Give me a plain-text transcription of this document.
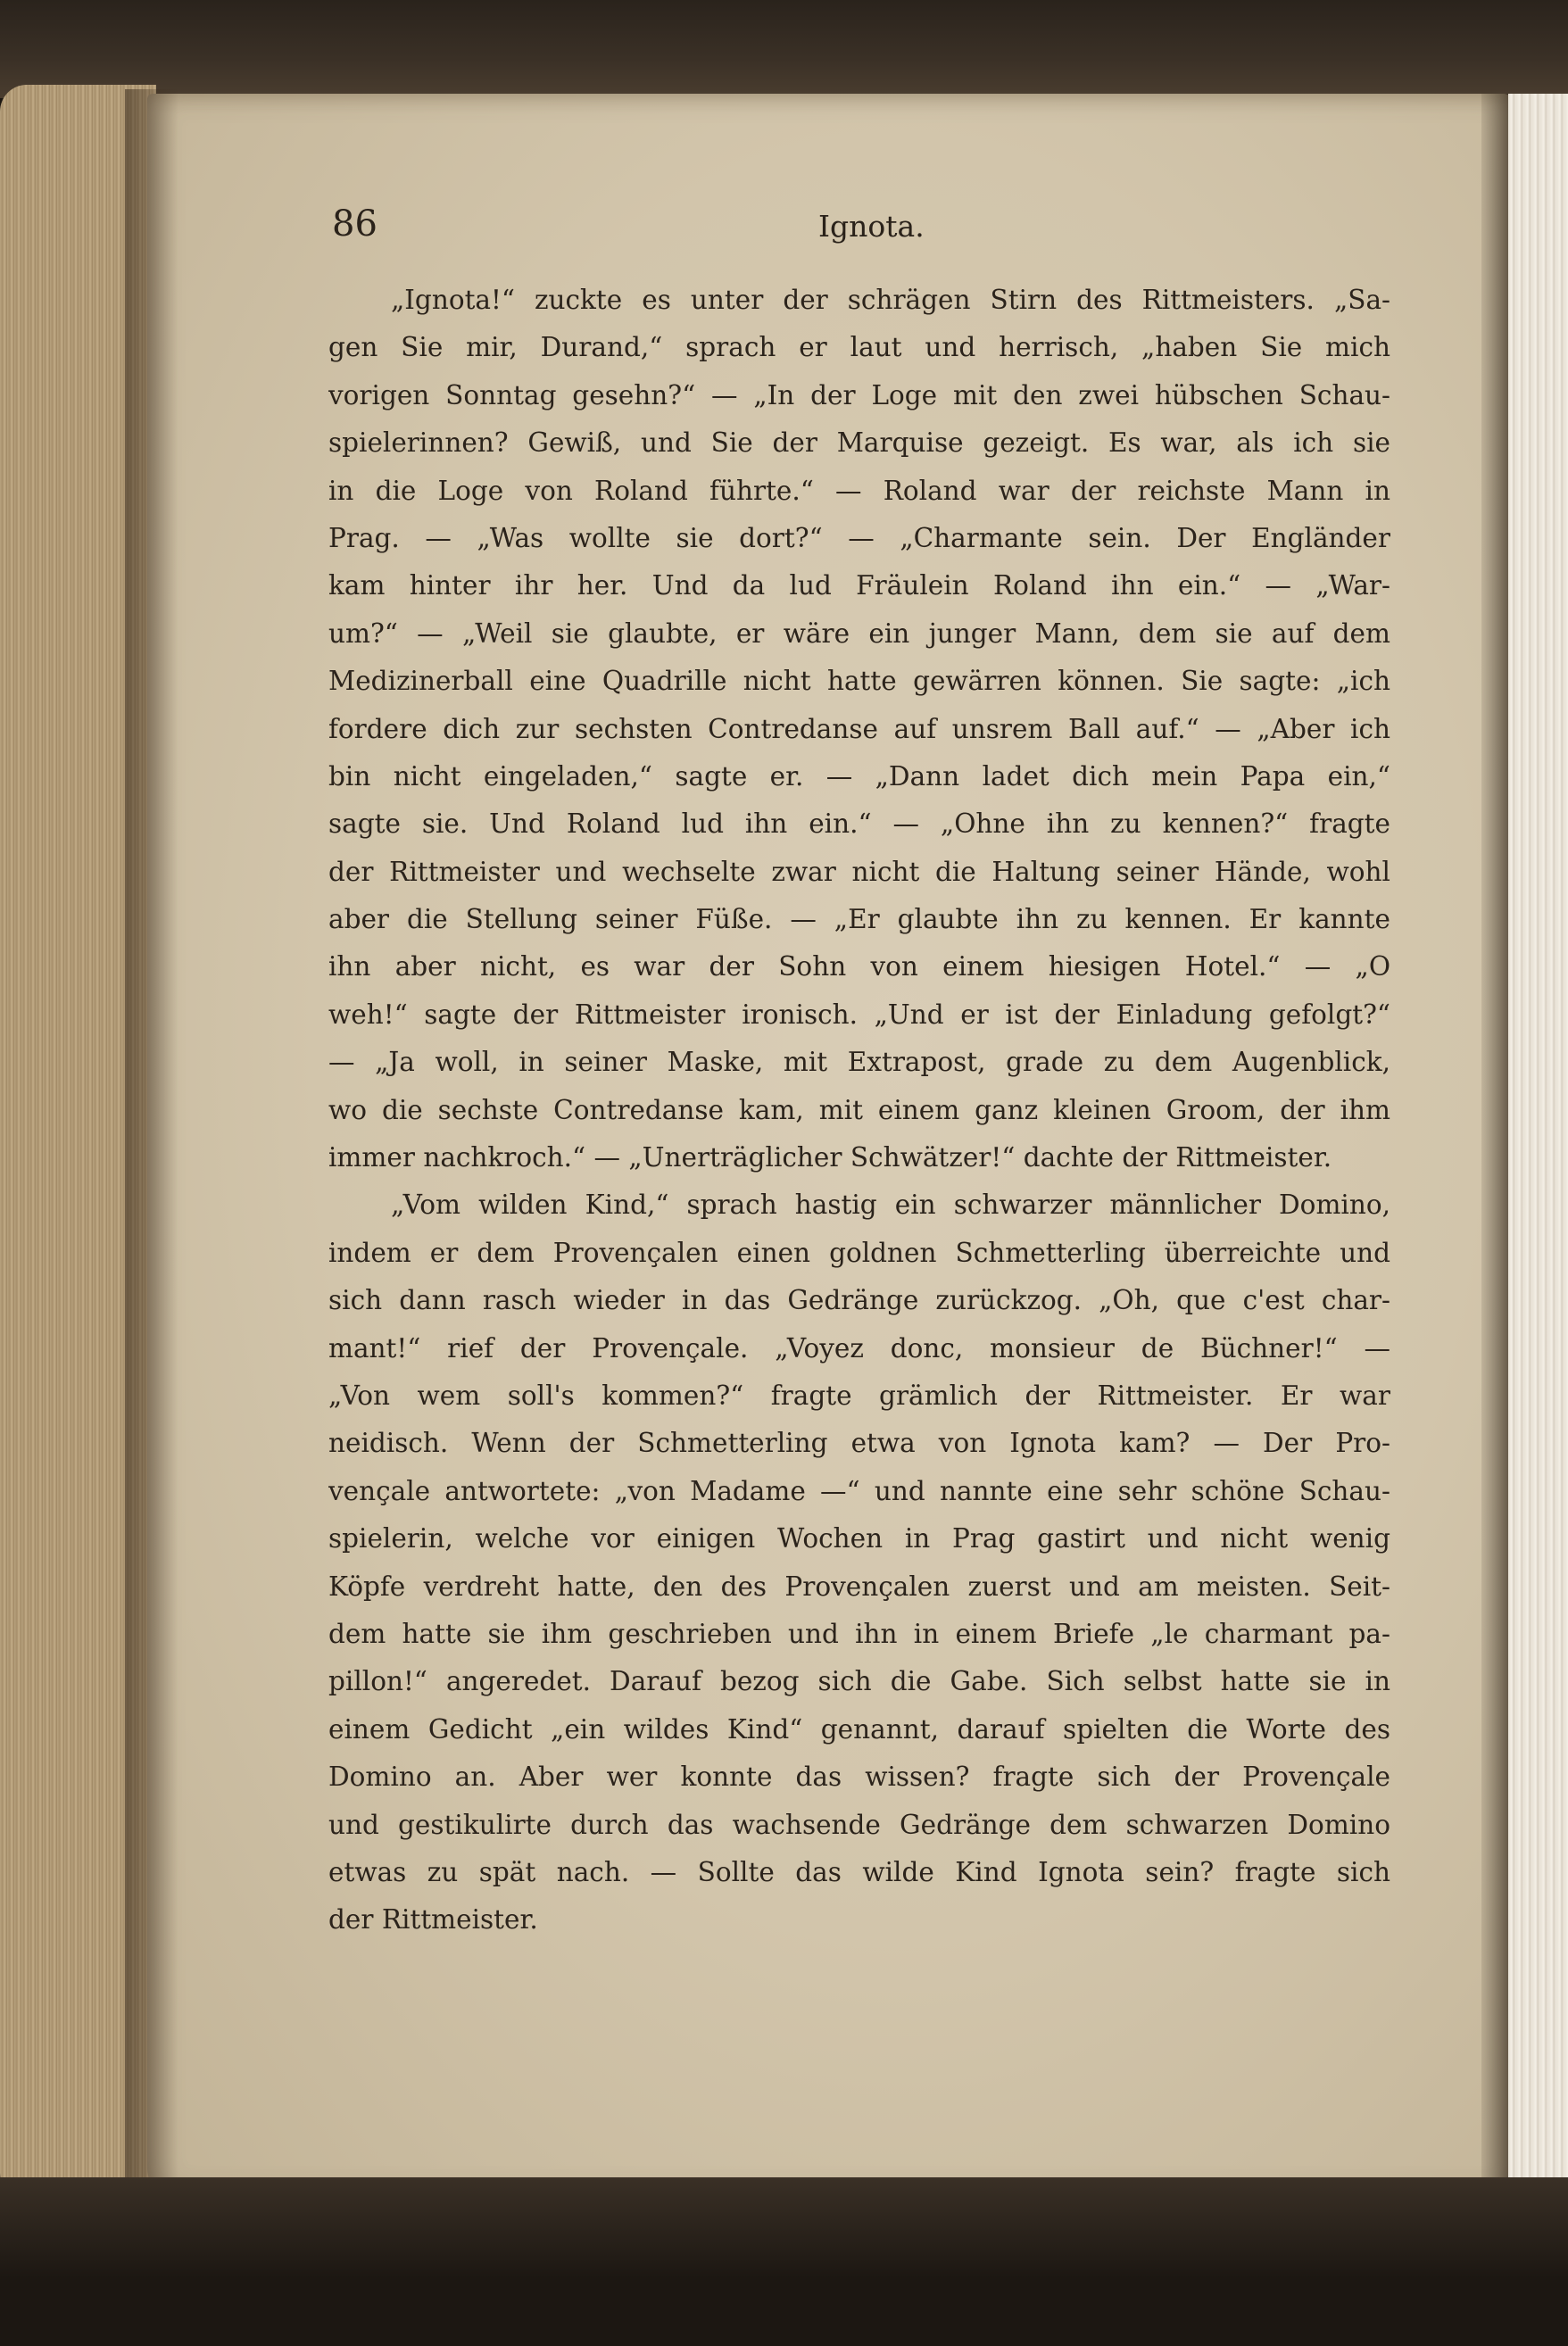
86	Ignota.
„Ignota!“ zuckte es unter der schrägen Stirn des Rittmeisters. „Sa-
gen Sie mir, Durand,“ sprach er laut und herrisch, „haben Sie mich
vorigen Sonntag gesehn?“ — „In der Loge mit den zwei hübschen Schau-
spielerinnen? Gewiß, und Sie der Marquise gezeigt. Es war, als ich sie
in die Loge von Roland führte.“ — Roland war der reichste Mann in
Prag. — „Was wollte sie dort?“ — „Charmante sein. Der Engländer
kam hinter ihr her. Und da lud Fräulein Roland ihn ein.“ — „War-
um?“ — „Weil sie glaubte, er wäre ein junger Mann, dem sie auf dem
Medizinerball eine Quadrille nicht hatte gewärren können. Sie sagte: „ich
fordere dich zur sechsten Contredanse auf unsrem Ball auf.“ — „Aber ich
bin nicht eingeladen,“ sagte er. — „Dann ladet dich mein Papa ein,“
sagte sie. Und Roland lud ihn ein.“ — „Ohne ihn zu kennen?“ fragte
der Rittmeister und wechselte zwar nicht die Haltung seiner Hände, wohl
aber die Stellung seiner Füße. — „Er glaubte ihn zu kennen. Er kannte
ihn aber nicht, es war der Sohn von einem hiesigen Hotel.“ — „O
weh!“ sagte der Rittmeister ironisch. „Und er ist der Einladung gefolgt?“
— „Ja woll, in seiner Maske, mit Extrapost, grade zu dem Augenblick,
wo die sechste Contredanse kam, mit einem ganz kleinen Groom, der ihm
immer nachkroch.“ — „Unerträglicher Schwätzer!“ dachte der Rittmeister.
„Vom wilden Kind,“ sprach hastig ein schwarzer männlicher Domino,
indem er dem Provençalen einen goldnen Schmetterling überreichte und
sich dann rasch wieder in das Gedränge zurückzog. „Oh, que c'est char-
mant!“ rief der Provençale. „Voyez donc, monsieur de Büchner!“ —
„Von wem soll's kommen?“ fragte grämlich der Rittmeister. Er war
neidisch. Wenn der Schmetterling etwa von Ignota kam? — Der Pro-
vençale antwortete: „von Madame —“ und nannte eine sehr schöne Schau-
spielerin, welche vor einigen Wochen in Prag gastirt und nicht wenig
Köpfe verdreht hatte, den des Provençalen zuerst und am meisten. Seit-
dem hatte sie ihm geschrieben und ihn in einem Briefe „le charmant pa-
pillon!“ angeredet. Darauf bezog sich die Gabe. Sich selbst hatte sie in
einem Gedicht „ein wildes Kind“ genannt, darauf spielten die Worte des
Domino an. Aber wer konnte das wissen? fragte sich der Provençale
und gestikulirte durch das wachsende Gedränge dem schwarzen Domino
etwas zu spät nach. — Sollte das wilde Kind Ignota sein? fragte sich
der Rittmeister.
